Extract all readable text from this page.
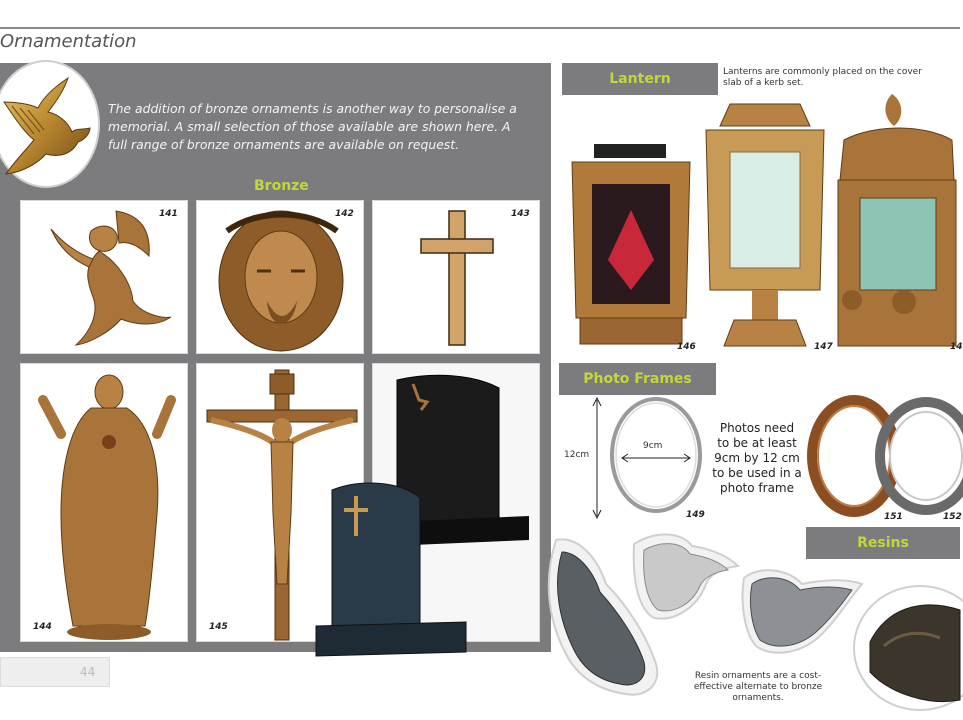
Ornamentation
The addition of bronze ornaments is another way to personalise a memorial. A small selection of those available are shown here. A full range of bronze ornaments are available on request.
Bronze
141	142	143
144	145
44
Lantern	Lanterns are commonly placed on the cover slab of a kerb set.
146	147	14
Photo Frames
12cm
9cm
149
Photos need to be at least 9cm by 12 cm to be used in a photo frame
151	152
Resins
Resin ornaments are a cost-effective alternate to bronze ornaments.
